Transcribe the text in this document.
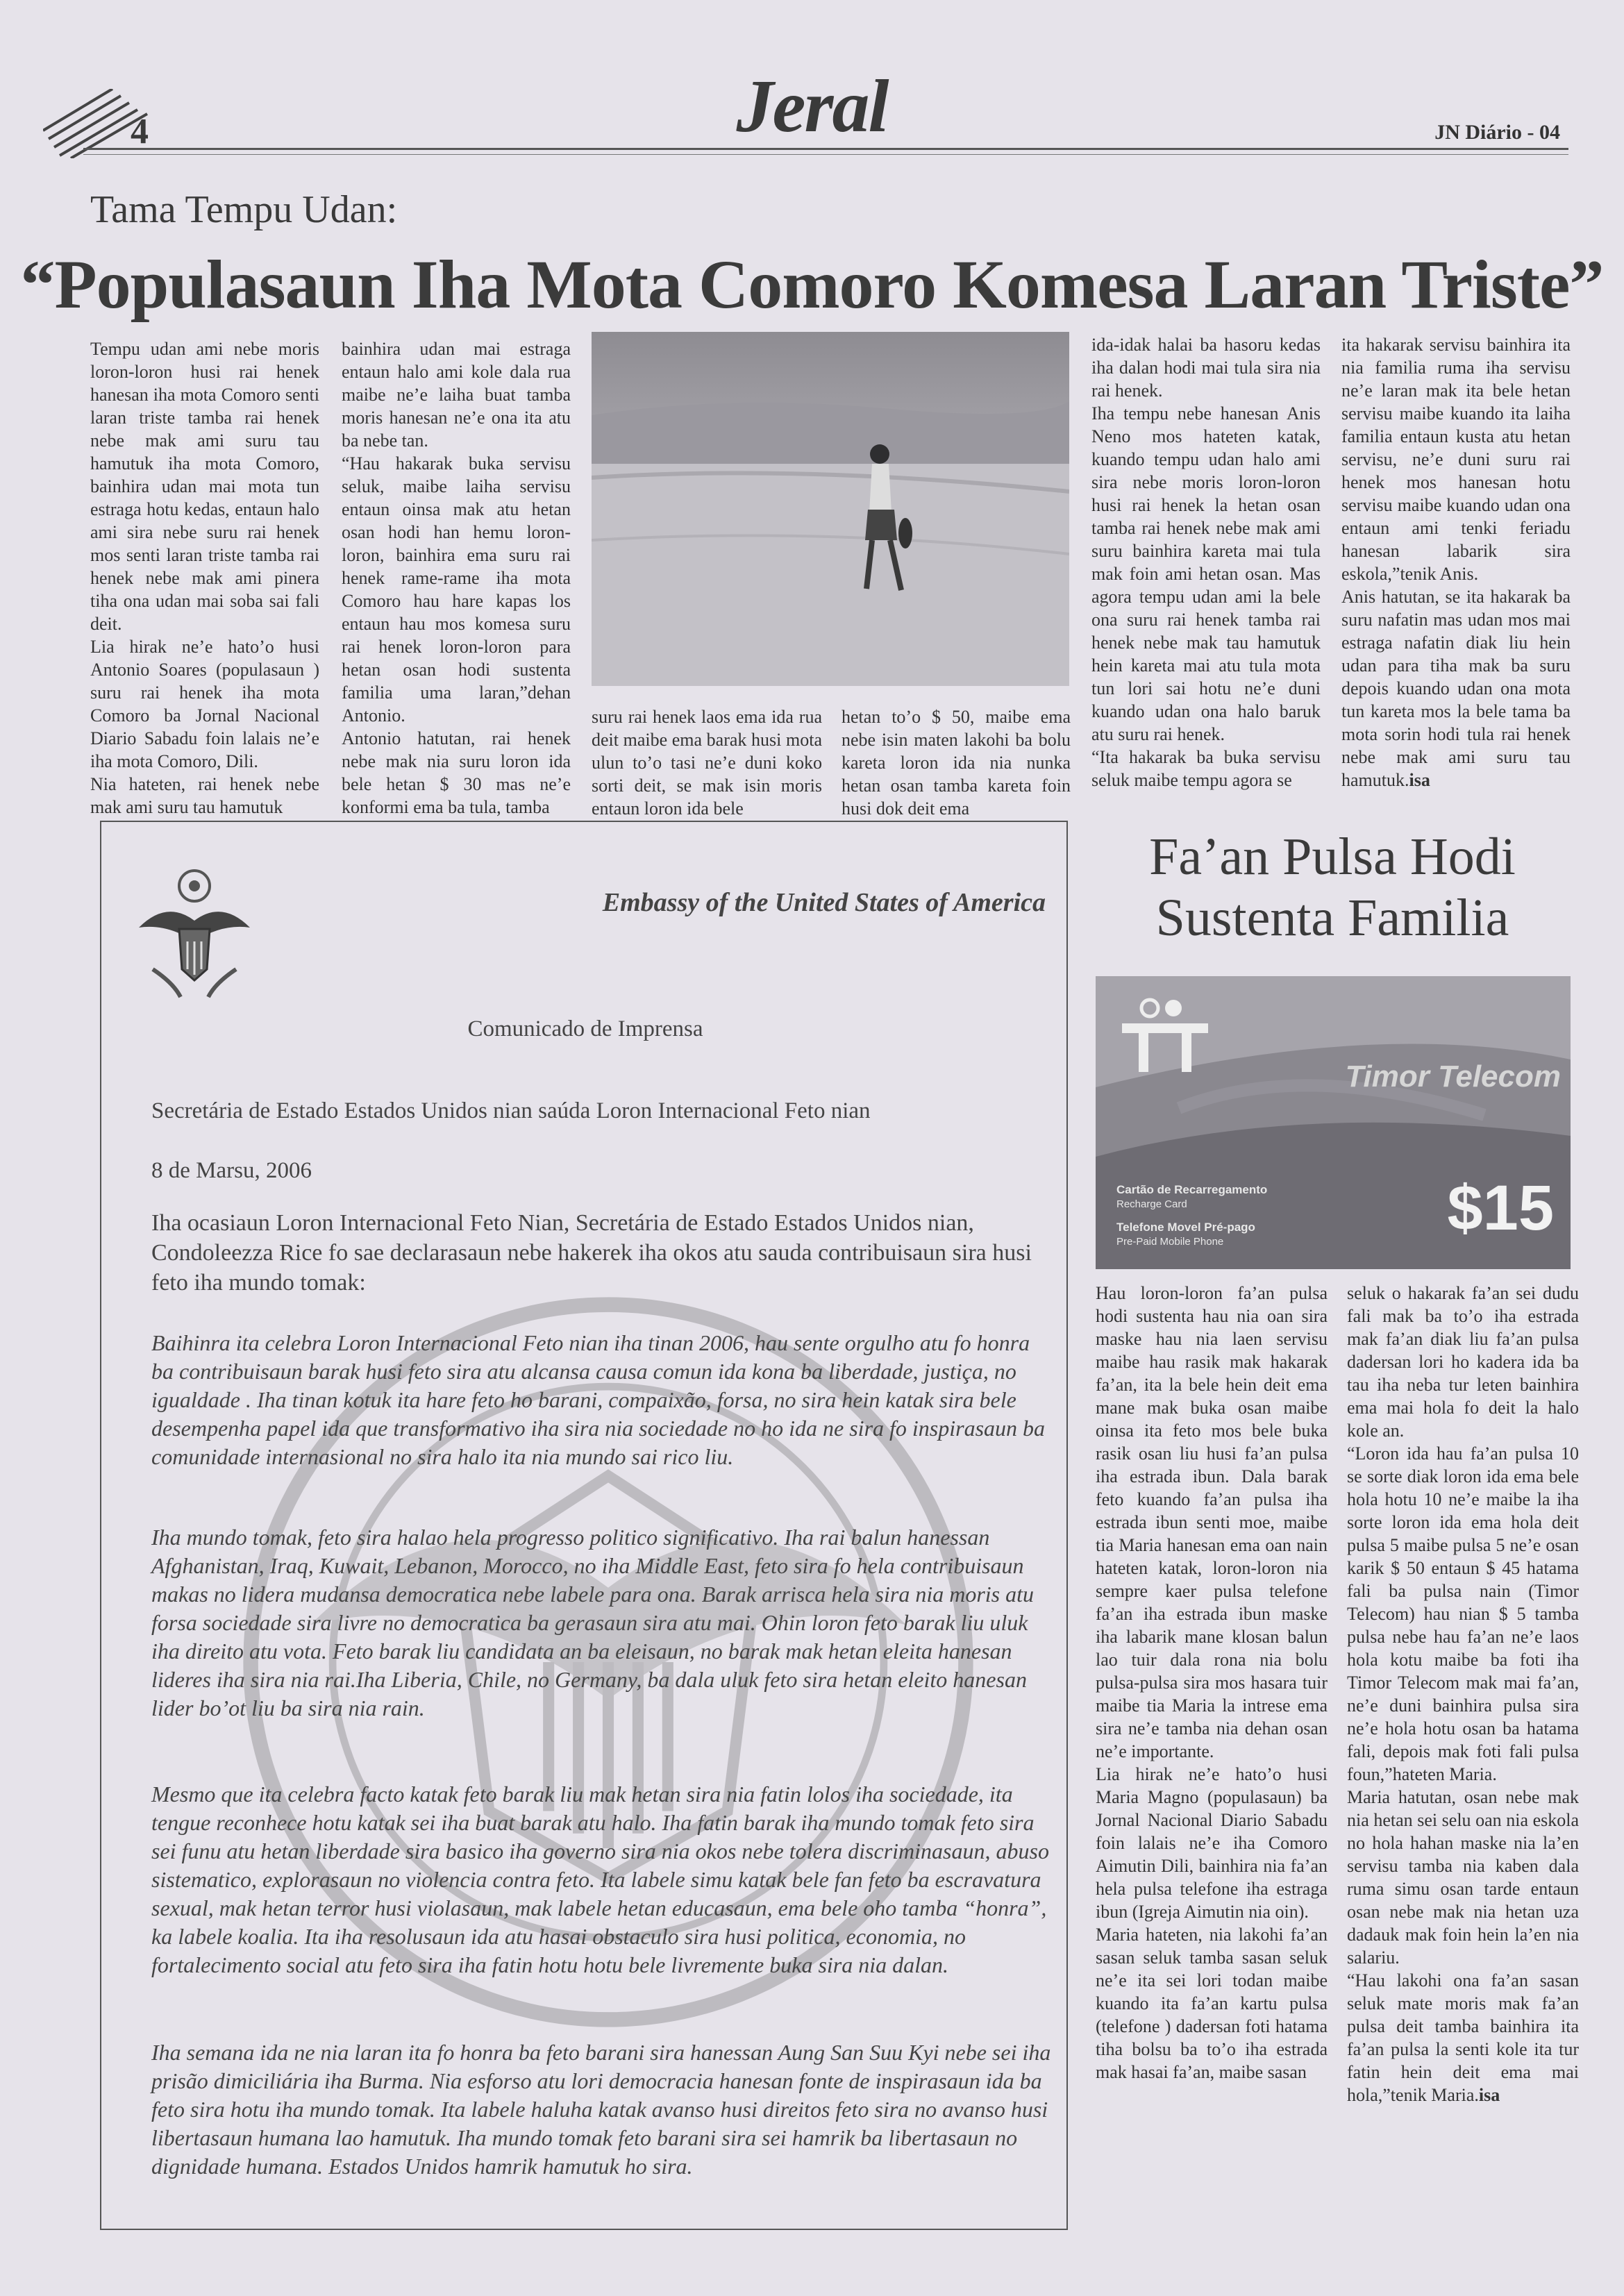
4	Jeral	JN Diário - 04
Tama Tempu Udan:
“Populasaun Iha Mota Comoro Komesa Laran Triste”

Tempu udan ami nebe moris loron-loron husi rai henek hanesan iha mota Comoro senti laran triste tamba rai henek nebe mak ami suru tau hamutuk iha mota Comoro, bainhira udan mai mota tun estraga hotu kedas, entaun halo ami sira nebe suru rai henek mos senti laran triste tamba rai henek nebe mak ami pinera tiha ona udan mai soba sai fali deit.

Lia hirak ne’e hato’o husi Antonio Soares (populasaun ) suru rai henek iha mota Comoro ba Jornal Nacional Diario Sabadu foin lalais ne’e iha mota Comoro, Dili.

Nia hateten, rai henek nebe mak ami suru tau hamutuk

bainhira udan mai estraga entaun halo ami kole dala rua maibe ne’e laiha buat tamba moris hanesan ne’e ona ita atu ba nebe tan.

“Hau hakarak buka servisu seluk, maibe laiha servisu entaun oinsa mak atu hetan osan hodi han hemu loron-loron, bainhira ema suru rai henek rame-rame iha mota Comoro hau hare kapas los entaun hau mos komesa suru rai henek loron-loron para hetan osan hodi sustenta familia uma laran,”dehan Antonio.

Antonio hatutan, rai henek nebe mak nia suru loron ida bele hetan $ 30 mas ne’e konformi ema ba tula, tamba

suru rai henek laos ema ida rua deit maibe ema barak husi mota ulun to’o tasi ne’e duni koko sorti deit, se mak isin moris entaun loron ida bele

hetan to’o $ 50, maibe ema nebe isin maten lakohi ba bolu kareta loron ida nia nunka hetan osan tamba kareta foin husi dok deit ema

ida-idak halai ba hasoru kedas iha dalan hodi mai tula sira nia rai henek.

Iha tempu nebe hanesan Anis Neno mos hateten katak, kuando tempu udan halo ami sira nebe moris loron-loron husi rai henek la hetan osan tamba rai henek nebe mak ami suru bainhira kareta mai tula mak foin ami hetan osan. Mas agora tempu udan ami la bele ona suru rai henek tamba rai henek nebe mak tau hamutuk hein kareta mai atu tula mota tun lori sai hotu ne’e duni kuando udan ona halo baruk atu suru rai henek.

“Ita hakarak ba buka servisu seluk maibe tempu agora se

ita hakarak servisu bainhira ita nia familia ruma iha servisu ne’e laran mak ita bele hetan servisu maibe kuando ita laiha familia entaun kusta atu hetan servisu, ne’e duni suru rai henek mos hanesan hotu servisu maibe kuando udan ona entaun ami tenki feriadu hanesan labarik sira eskola,”tenik Anis.

Anis hatutan, se ita hakarak ba suru nafatin mas udan mos mai estraga nafatin diak liu hein udan para tiha mak ba suru depois kuando udan ona mota tun kareta mos la bele tama ba mota sorin hodi tula rai henek nebe mak ami suru tau hamutuk.isa

Embassy of the United States of America
Comunicado de Imprensa
Secretária de Estado Estados Unidos nian saúda Loron Internacional Feto nian
8 de Marsu, 2006
Iha ocasiaun Loron Internacional Feto Nian, Secretária de Estado Estados Unidos nian, Condoleezza Rice fo sae declarasaun nebe hakerek iha okos atu sauda contribuisaun sira husi feto iha mundo tomak:
Baihinra ita celebra Loron Internacional Feto nian iha tinan 2006, hau sente orgulho atu fo honra ba contribuisaun barak husi feto sira atu alcansa causa comun ida kona ba liberdade, justiça, no igualdade . Iha tinan kotuk ita hare feto ho barani, compaixão, forsa, no sira hein katak sira bele desempenha papel ida que transformativo iha sira nia sociedade no ho ida ne sira fo inspirasaun ba comunidade internasional no sira halo ita nia mundo sai rico liu.
Iha mundo tomak, feto sira halao hela progresso politico significativo. Iha rai balun hanessan Afghanistan, Iraq, Kuwait, Lebanon, Morocco, no iha Middle East, feto sira fo hela contribuisaun makas no lidera mudansa democratica nebe labele para ona. Barak arrisca hela sira nia moris atu forsa sociedade sira livre no democratica ba gerasaun sira atu mai. Ohin loron feto barak liu uluk iha direito atu vota. Feto barak liu candidata an ba eleisaun, no barak mak hetan eleita hanesan lideres iha sira nia rai.Iha Liberia, Chile, no Germany, ba dala uluk feto sira hetan eleito hanesan lider bo’ot liu ba sira nia rain.
Mesmo que ita celebra facto katak feto barak liu mak hetan sira nia fatin lolos iha sociedade, ita tengue reconhece hotu katak sei iha buat barak atu halo. Iha fatin barak iha mundo tomak feto sira sei funu atu hetan liberdade sira basico iha governo sira nia okos nebe tolera discriminasaun, abuso sistematico, explorasaun no violencia contra feto. Ita labele simu katak bele fan feto ba escravatura sexual, mak hetan terror husi violasaun, mak labele hetan educasaun, ema bele oho tamba “honra”, ka labele koalia. Ita iha resolusaun ida atu hasai obstaculo sira husi politica, economia, no fortalecimento social atu feto sira iha fatin hotu hotu bele livremente buka sira nia dalan.
Iha semana ida ne nia laran ita fo honra ba feto barani sira hanessan Aung San Suu Kyi nebe sei iha prisão dimiciliária iha Burma. Nia esforso atu lori democracia hanesan fonte de inspirasaun ida ba feto sira hotu iha mundo tomak. Ita labele haluha katak avanso husi direitos feto sira no avanso husi libertasaun humana lao hamutuk. Iha mundo tomak feto barani sira sei hamrik ba libertasaun no dignidade humana. Estados Unidos hamrik hamutuk ho sira.
Fa’an Pulsa Hodi
Sustenta Familia
Timor Telecom
Cartão de Recarregamento
Recharge Card
Telefone Movel Pré-pago
Pre-Paid Mobile Phone	$15

Hau loron-loron fa’an pulsa hodi sustenta hau nia oan sira maske hau nia laen servisu maibe hau rasik mak hakarak fa’an, ita la bele hein deit ema mane mak buka osan maibe oinsa ita feto mos bele buka rasik osan liu husi fa’an pulsa iha estrada ibun. Dala barak feto kuando fa’an pulsa iha estrada ibun senti moe, maibe tia Maria hanesan ema oan nain hateten katak, loron-loron nia sempre kaer pulsa telefone fa’an iha estrada ibun maske iha labarik mane klosan balun lao tuir dala rona nia bolu pulsa-pulsa sira mos hasara tuir maibe tia Maria la intrese ema sira ne’e tamba nia dehan osan ne’e importante.

Lia hirak ne’e hato’o husi Maria Magno (populasaun) ba Jornal Nacional Diario Sabadu foin lalais ne’e iha Comoro Aimutin Dili, bainhira nia fa’an hela pulsa telefone iha estraga ibun (Igreja Aimutin nia oin).

Maria hateten, nia lakohi fa’an sasan seluk tamba sasan seluk ne’e ita sei lori todan maibe kuando ita fa’an kartu pulsa (telefone ) dadersan foti hatama tiha bolsu ba to’o iha estrada mak hasai fa’an, maibe sasan

seluk o hakarak fa’an sei dudu fali mak ba to’o iha estrada mak fa’an diak liu fa’an pulsa dadersan lori ho kadera ida ba tau iha neba tur leten bainhira ema mai hola fo deit la halo kole an.

“Loron ida hau fa’an pulsa 10 se sorte diak loron ida ema bele hola hotu 10 ne’e maibe la iha sorte loron ida ema hola deit pulsa 5 maibe pulsa 5 ne’e osan karik $ 50 entaun $ 45 hatama fali ba pulsa nain (Timor Telecom) hau nian $ 5 tamba pulsa nebe hau fa’an ne’e laos hola kotu maibe ba foti iha Timor Telecom mak mai fa’an, ne’e duni bainhira pulsa sira ne’e hola hotu osan ba hatama fali, depois mak foti fali pulsa foun,”hateten Maria.

Maria hatutan, osan nebe mak nia hetan sei selu oan nia eskola no hola hahan maske nia la’en servisu tamba nia kaben dala ruma simu osan tarde entaun osan nebe mak nia hetan uza dadauk mak foin hein la’en nia salariu.

“Hau lakohi ona fa’an sasan seluk mate moris mak fa’an pulsa deit tamba bainhira ita fa’an pulsa la senti kole ita tur fatin hein deit ema mai hola,”tenik Maria.isa
